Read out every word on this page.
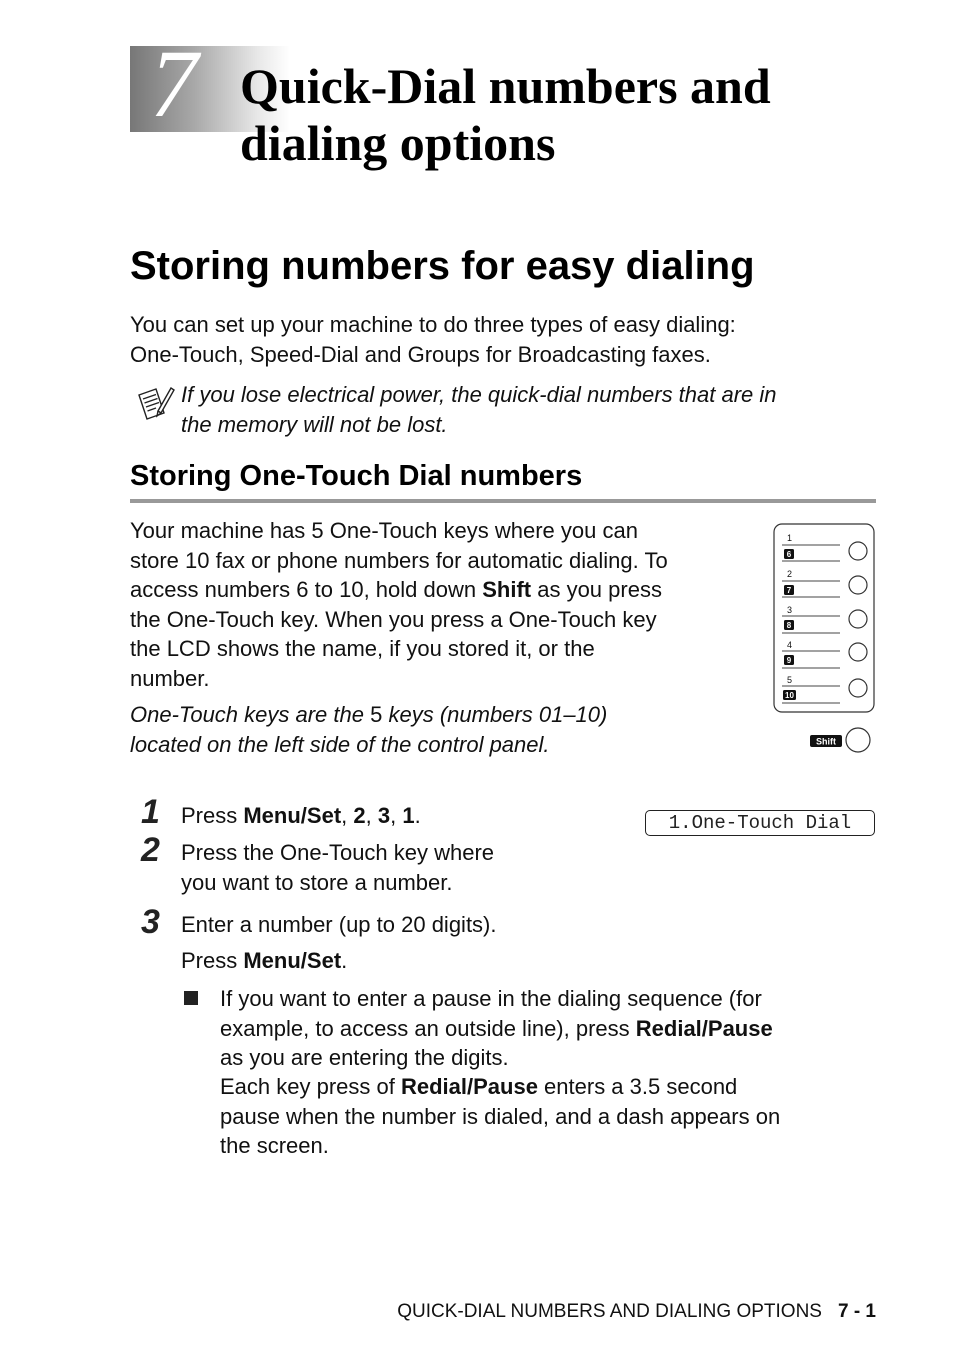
7 Quick-Dial numbers and
dialing options
Storing numbers for easy dialing
You can set up your machine to do three types of easy dialing:
One-Touch, Speed-Dial and Groups for Broadcasting faxes.
If you lose electrical power, the quick-dial numbers that are in
the memory will not be lost.
Storing One-Touch Dial numbers
Your machine has 5 One-Touch keys where you can
store 10 fax or phone numbers for automatic dialing. To
access numbers 6 to 10, hold down Shift as you press
the One-Touch key. When you press a One-Touch key
the LCD shows the name, if you stored it, or the
number.
One-Touch keys are the 5 keys (numbers 01–10)
located on the left side of the control panel.
1
6
2
7
3
8
4
9
5
10
Shift
1 Press Menu/Set, 2, 3, 1.	1.One-Touch Dial
2 Press the One-Touch key where
you want to store a number.
3 Enter a number (up to 20 digits).
Press Menu/Set.
If you want to enter a pause in the dialing sequence (for
example, to access an outside line), press Redial/Pause
as you are entering the digits.
Each key press of Redial/Pause enters a 3.5 second
pause when the number is dialed, and a dash appears on
the screen.
QUICK-DIAL NUMBERS AND DIALING OPTIONS 7 - 1
